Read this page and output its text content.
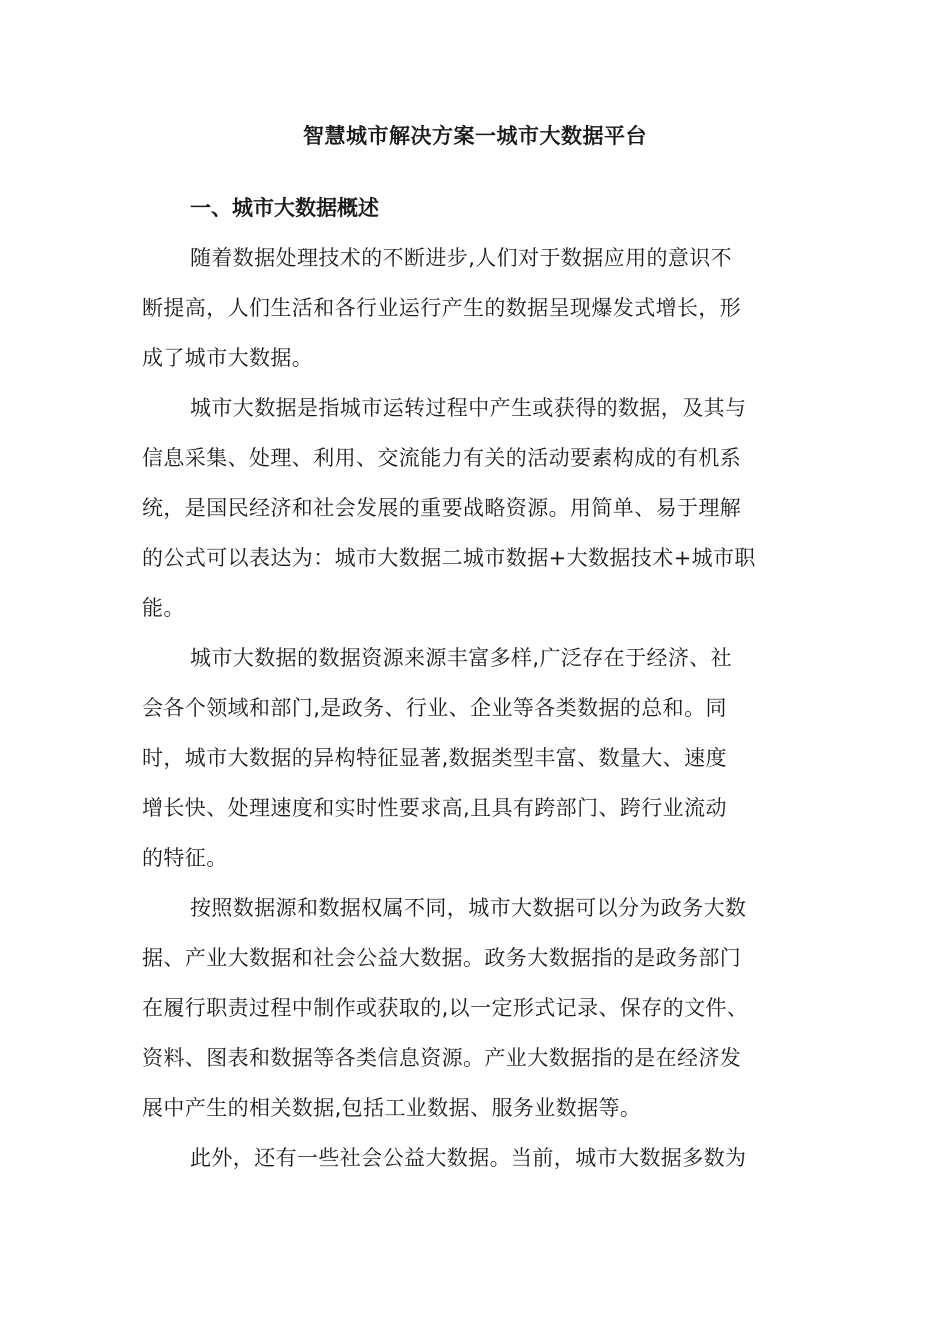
智慧城市解决方案一城市大数据平台
一、城市大数据概述

随着数据处理技术的不断进步,人们对于数据应用的意识不
断提高，人们生活和各行业运行产生的数据呈现爆发式增长，形
成了城市大数据。

城市大数据是指城市运转过程中产生或获得的数据，及其与
信息采集、处理、利用、交流能力有关的活动要素构成的有机系
统，是国民经济和社会发展的重要战略资源。用简单、易于理解
的公式可以表达为：城市大数据二城市数据+大数据技术+城市职
能。

城市大数据的数据资源来源丰富多样,广泛存在于经济、社
会各个领域和部门,是政务、行业、企业等各类数据的总和。同
时，城市大数据的异构特征显著,数据类型丰富、数量大、速度
增长快、处理速度和实时性要求高,且具有跨部门、跨行业流动
的特征。

按照数据源和数据权属不同，城市大数据可以分为政务大数
据、产业大数据和社会公益大数据。政务大数据指的是政务部门
在履行职责过程中制作或获取的,以一定形式记录、保存的文件、
资料、图表和数据等各类信息资源。产业大数据指的是在经济发
展中产生的相关数据,包括工业数据、服务业数据等。

此外，还有一些社会公益大数据。当前，城市大数据多数为
